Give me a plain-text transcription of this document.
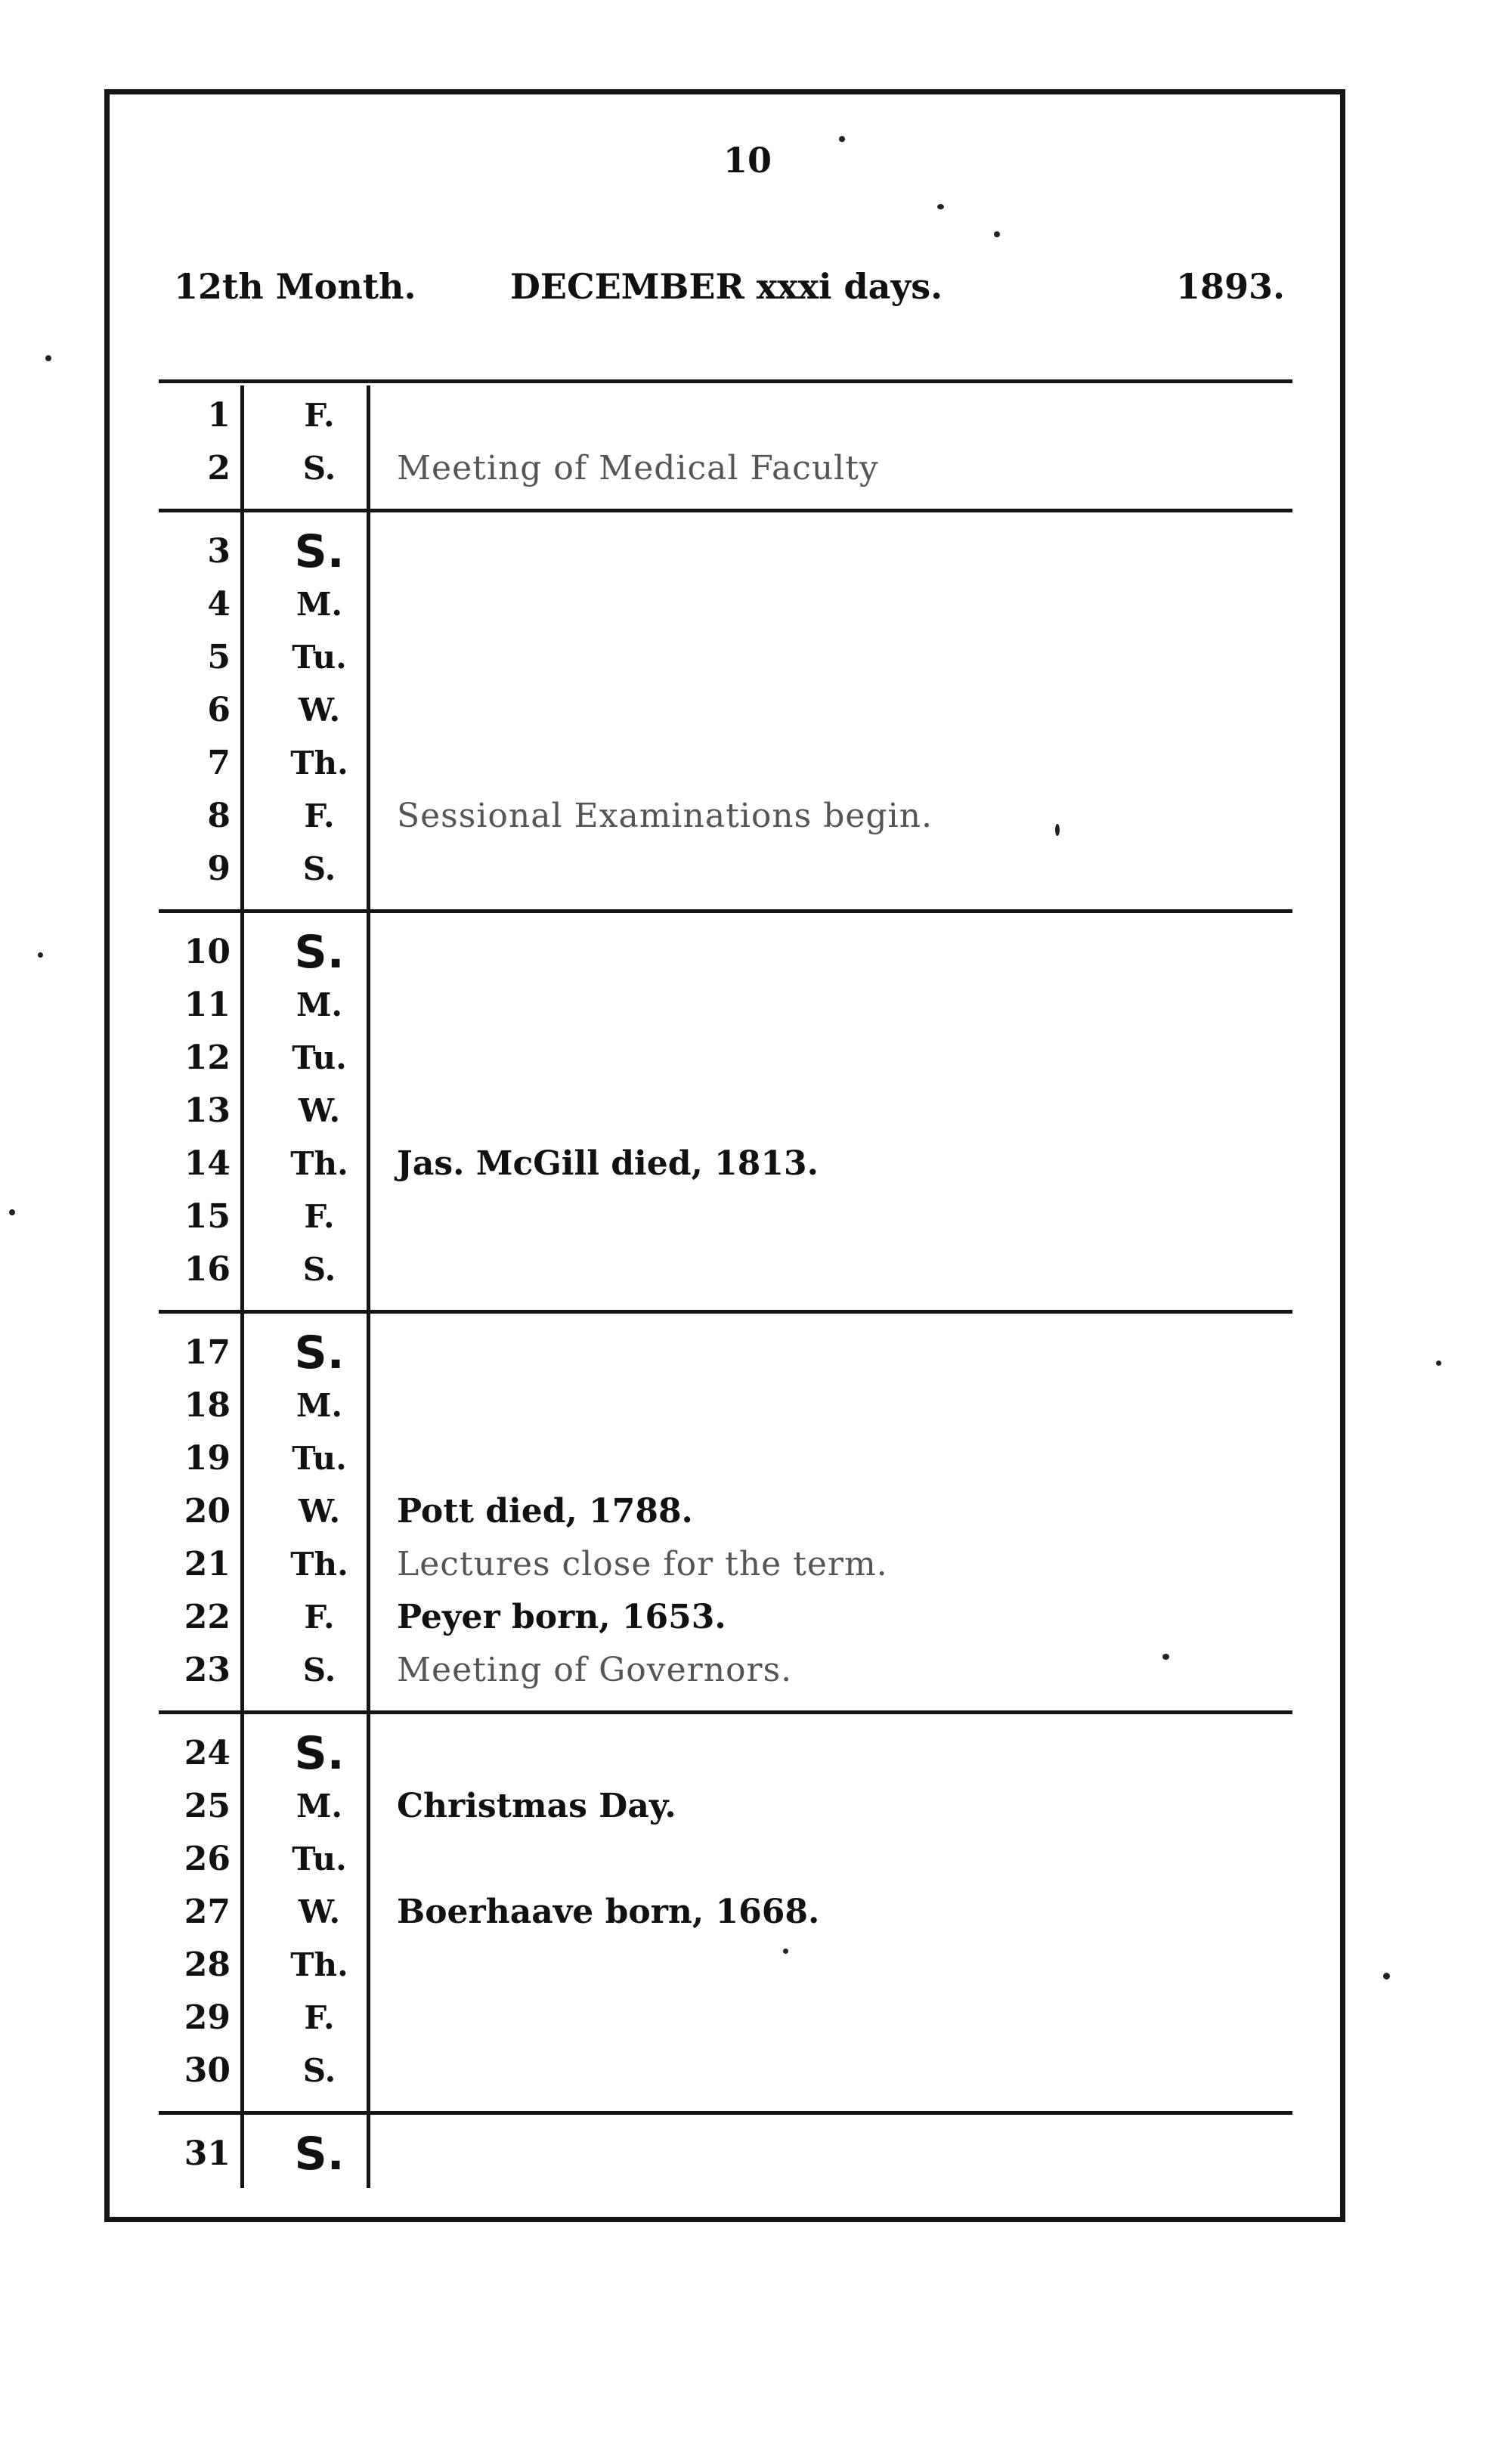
10
12th Month.	DECEMBER xxxi days.	1893.
1	F.
2	S.	Meeting of Medical Faculty
3	S.
4	M.
5	Tu.
6	W.
7	Th.
8	F.	Sessional Examinations begin.
9	S.
10	S.
11	M.
12	Tu.
13	W.
14	Th.	Jas. McGill died, 1813.
15	F.
16	S.
17	S.
18	M.
19	Tu.
20	W.	Pott died, 1788.
21	Th.	Lectures close for the term.
22	F.	Peyer born, 1653.
23	S.	Meeting of Governors.
24	S.
25	M.	Christmas Day.
26	Tu.
27	W.	Boerhaave born, 1668.
28	Th.
29	F.
30	S.
31	S.
